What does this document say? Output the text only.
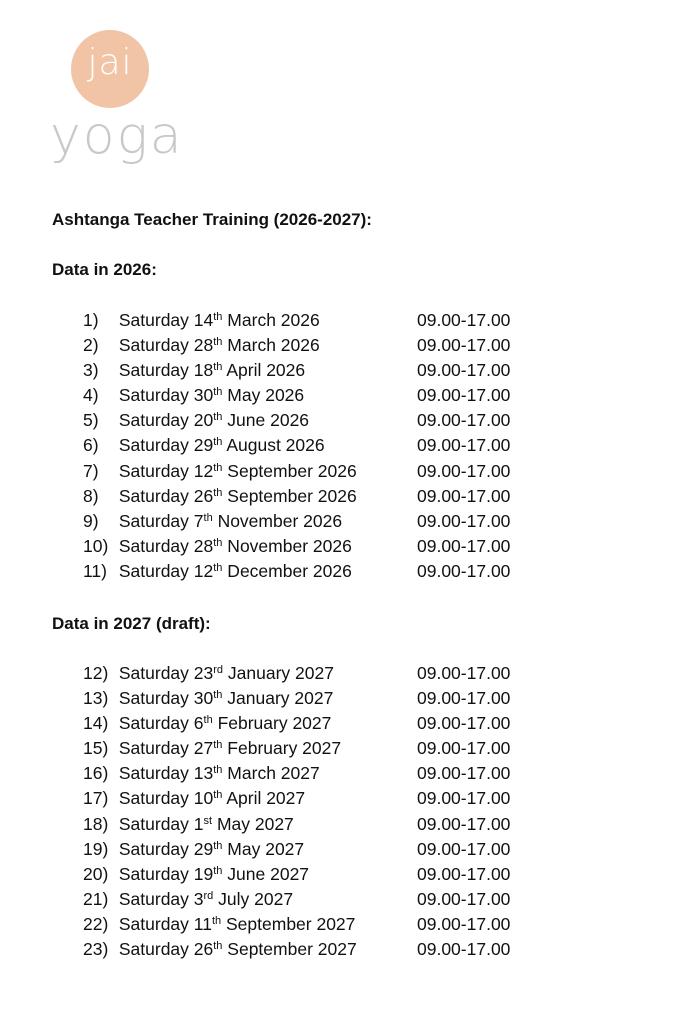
jai
yoga
Ashtanga Teacher Training (2026-2027):
Data in 2026:
1) Saturday 14th March 2026	09.00-17.00
2) Saturday 28th March 2026	09.00-17.00
3) Saturday 18th April 2026	09.00-17.00
4) Saturday 30th May 2026	09.00-17.00
5) Saturday 20th June 2026	09.00-17.00
6) Saturday 29th August 2026	09.00-17.00
7) Saturday 12th September 2026	09.00-17.00
8) Saturday 26th September 2026	09.00-17.00
9) Saturday 7th November 2026	09.00-17.00
10) Saturday 28th November 2026	09.00-17.00
11) Saturday 12th December 2026	09.00-17.00
Data in 2027 (draft):
12) Saturday 23rd January 2027	09.00-17.00
13) Saturday 30th January 2027	09.00-17.00
14) Saturday 6th February 2027	09.00-17.00
15) Saturday 27th February 2027	09.00-17.00
16) Saturday 13th March 2027	09.00-17.00
17) Saturday 10th April 2027	09.00-17.00
18) Saturday 1st May 2027	09.00-17.00
19) Saturday 29th May 2027	09.00-17.00
20) Saturday 19th June 2027	09.00-17.00
21) Saturday 3rd July 2027	09.00-17.00
22) Saturday 11th September 2027	09.00-17.00
23) Saturday 26th September 2027	09.00-17.00
